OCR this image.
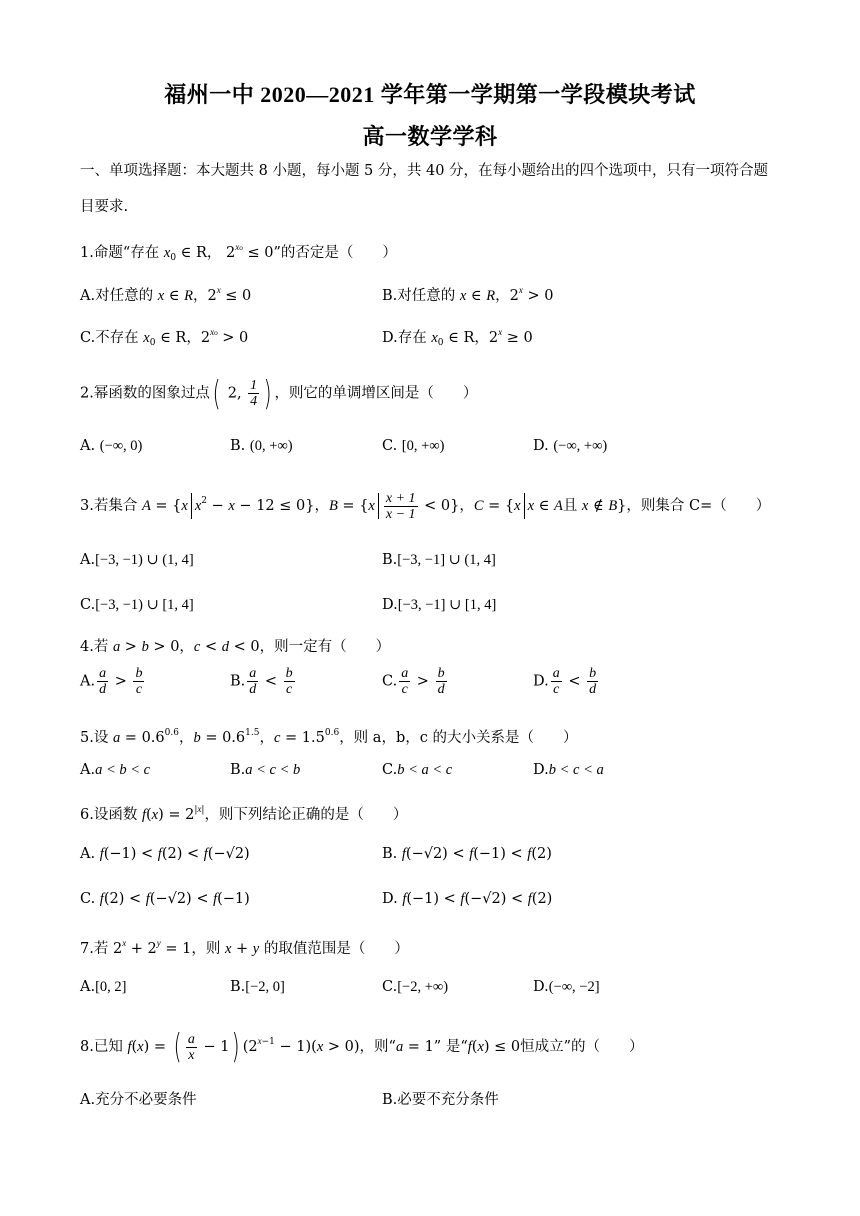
福州一中 2020—2021 学年第一学期第一学段模块考试
高一数学学科
一、单项选择题：本大题共 8 小题，每小题 5 分，共 40 分，在每小题给出的四个选项中，只有一项符合题
目要求.
1.命题“存在 $x_0$ ∈ R， $2^{x_0} \le 0$”的否定是（　　）
A.对任意的 x ∈ R，$2^x \le 0$	B.对任意的 x ∈ R，$2^x > 0$
C.不存在 $x_0$ ∈ R，$2^{x_0} > 0$	D.存在 $x_0$ ∈ R，$2^x \ge 0$
2.幂函数的图象过点( 2, $\frac{1}{4}$ ) ，则它的单调增区间是（　　）
A. (−∞, 0)	B. (0, +∞)	C. [0, +∞)	D. (−∞, +∞)
3.若集合 A = {x $x^2 - x - 12 \le 0$}，$B = \{x \frac{x + 1}{x - 1} < 0\}$，C = {x x ∈ A且 x ∉ B}，则集合 C=（　　）
A.[−3, −1) ∪ (1, 4]	B.[−3, −1] ∪ (1, 4]
C.[−3, −1) ∪ [1, 4]	D.[−3, −1] ∪ [1, 4]
4.若 a > b > 0，c < d < 0，则一定有（　　）
A. $\frac{a}{d} > \frac{b}{c}$	B. $\frac{a}{d} < \frac{b}{c}$	C. $\frac{a}{c} > \frac{b}{d}$	D. $\frac{a}{c} < \frac{b}{d}$
5.设 $a = 0.6^{0.6}$，$b = 0.6^{1.5}$，$c = 1.5^{0.6}$，则 a，b，c 的大小关系是（　　）
A.a < b < c	B.a < c < b	C.b < a < c	D.b < c < a
6.设函数 $f(x) = 2^{|x|}$，则下列结论正确的是（　　）
A. f(−1) < f(2) < f(−√2)	B. f(−√2) < f(−1) < f(2)
C. f(2) < f(−√2) < f(−1)	D. f(−1) < f(−√2) < f(2)
7.若 $2^x + 2^y = 1$，则 x + y 的取值范围是（　　）
A.[0, 2]	B.[−2, 0]	C.[−2, +∞)	D.(−∞, −2]
8.已知 f(x) = ( $\frac{a}{x} - 1$) $(2^{x-1} - 1)(x > 0)$，则“a = 1” 是“f(x) ≤ 0恒成立”的（　　）
A.充分不必要条件	B.必要不充分条件
